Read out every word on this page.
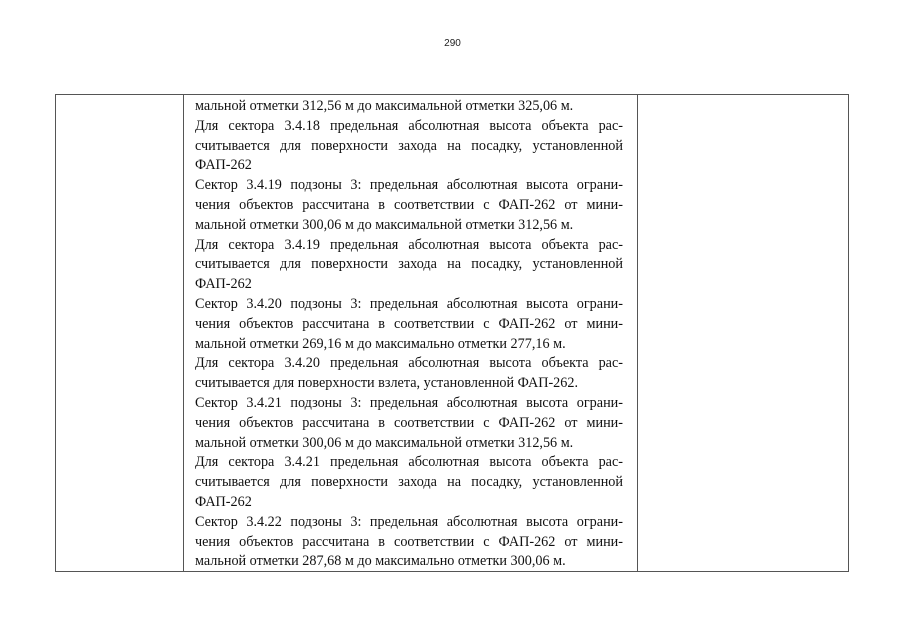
290
мальной отметки 312,56 м до максимальной отметки 325,06 м.
Для сектора 3.4.18 предельная абсолютная высота объекта рас-
считывается для поверхности захода на посадку, установленной
ФАП-262
Сектор 3.4.19 подзоны 3: предельная абсолютная высота ограни-
чения объектов рассчитана в соответствии с ФАП-262 от мини-
мальной отметки 300,06 м до максимальной отметки 312,56 м.
Для сектора 3.4.19 предельная абсолютная высота объекта рас-
считывается для поверхности захода на посадку, установленной
ФАП-262
Сектор 3.4.20 подзоны 3: предельная абсолютная высота ограни-
чения объектов рассчитана в соответствии с ФАП-262 от мини-
мальной отметки 269,16 м до максимально отметки 277,16 м.
Для сектора 3.4.20 предельная абсолютная высота объекта рас-
считывается для поверхности взлета, установленной ФАП-262.
Сектор 3.4.21 подзоны 3: предельная абсолютная высота ограни-
чения объектов рассчитана в соответствии с ФАП-262 от мини-
мальной отметки 300,06 м до максимальной отметки 312,56 м.
Для сектора 3.4.21 предельная абсолютная высота объекта рас-
считывается для поверхности захода на посадку, установленной
ФАП-262
Сектор 3.4.22 подзоны 3: предельная абсолютная высота ограни-
чения объектов рассчитана в соответствии с ФАП-262 от мини-
мальной отметки 287,68 м до максимально отметки 300,06 м.
